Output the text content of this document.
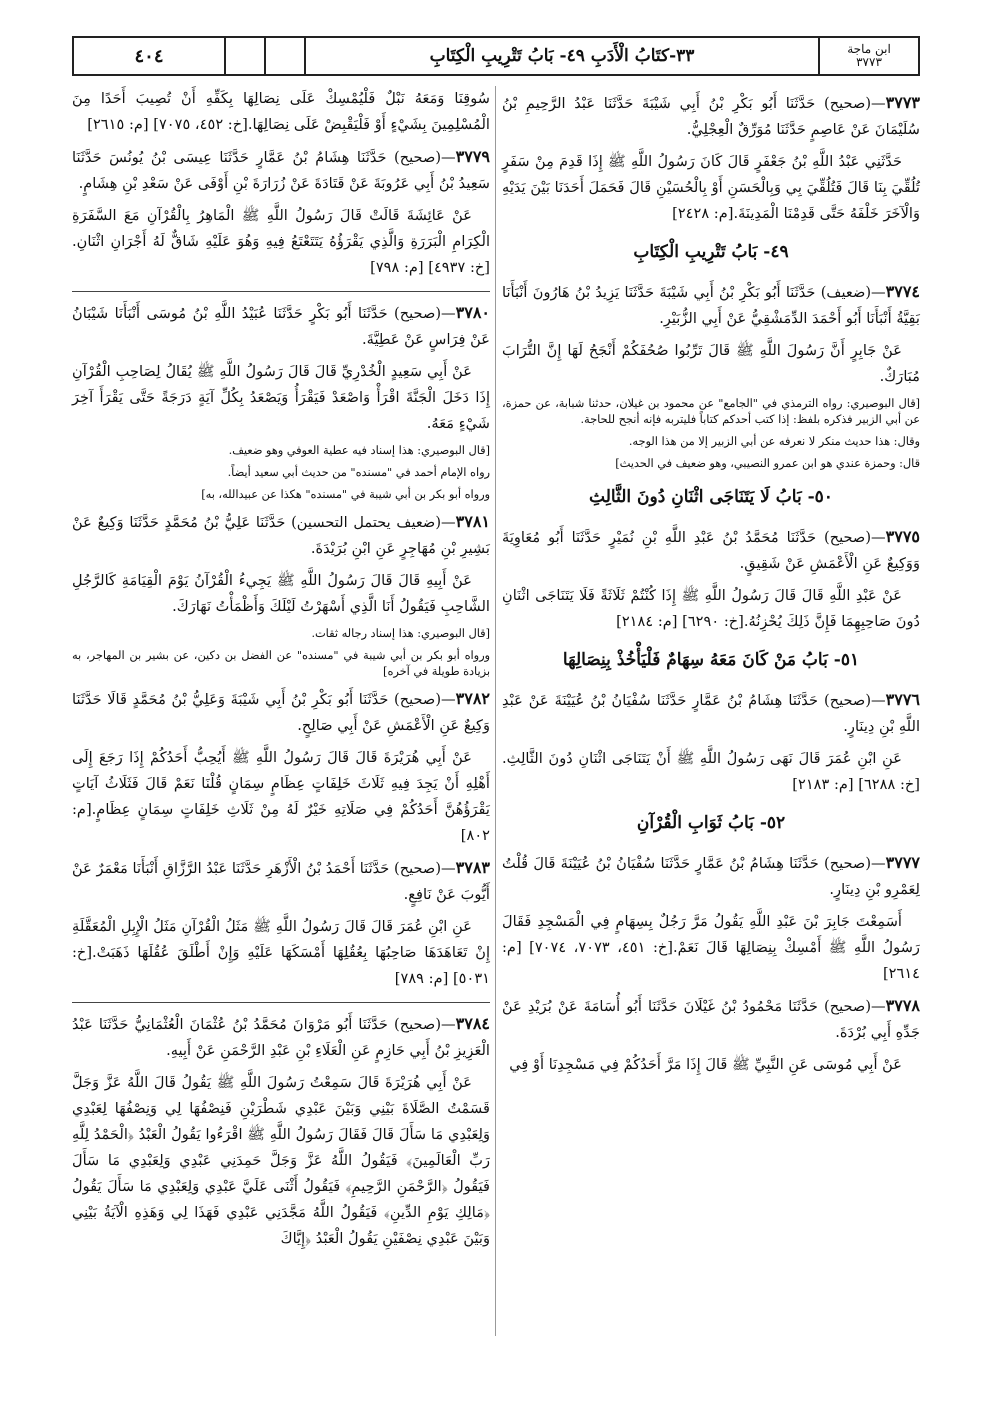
ابن ماجة
٣٧٧٣
٣٣-كتَابُ الْأَدَبِ ٤٩- بَابُ تَتْرِيبِ الْكِتَابِ
٤٠٤

٣٧٧٣—(صحيح) حَدَّثَنَا أَبُو بَكْرِ بْنُ أَبِي شَيْبَةَ حَدَّثَنَا عَبْدُ الرَّحِيمِ بْنُ سُلَيْمَانَ عَنْ عَاصِمٍ حَدَّثَنَا مُوَرِّقٌ الْعِجْلِيُّ.

حَدَّثَنِي عَبْدُ اللَّهِ بْنُ جَعْفَرٍ قَالَ كَانَ رَسُولُ اللَّهِ ﷺ إِذَا قَدِمَ مِنْ سَفَرٍ تُلُقِّيَ بِنَا قَالَ فَتُلُقِّيَ بِي وَبِالْحَسَنِ أَوْ بِالْحُسَيْنِ قَالَ فَحَمَلَ أَحَدَنَا بَيْنَ يَدَيْهِ وَالْآخَرَ خَلْفَهُ حَتَّى قَدِمْنَا الْمَدِينَةَ.[م: ٢٤٢٨]

٤٩- بَابُ تَتْرِيبِ الْكِتَابِ

٣٧٧٤—(ضعيف) حَدَّثَنَا أَبُو بَكْرِ بْنُ أَبِي شَيْبَةَ حَدَّثَنَا يَزِيدُ بْنُ هَارُونَ أَنْبَأَنَا بَقِيَّةُ أَنْبَأَنَا أَبُو أَحْمَدَ الدِّمَشْقِيُّ عَنْ أَبِي الزُّبَيْرِ.

عَنْ جَابِرٍ أَنَّ رَسُولَ اللَّهِ ﷺ قَالَ تَرِّبُوا صُحُفَكُمْ أَنْجَحُ لَهَا إِنَّ التُّرَابَ مُبَارَكٌ.

[قال البوصيري: رواه الترمذي في "الجامع" عن محمود بن غيلان، حدثنا شبابة، عن حمزة، عن أبي الزبير فذكره بلفظ: إذا كتب أحدكم كتاباً فليتربه فإنه أنجح للحاجة.

وقال: هذا حديث منكر لا نعرفه عن أبي الزبير إلا من هذا الوجه.

قال: وحمزة عندي هو ابن عمرو النصيبي، وهو ضعيف في الحديث]

٥٠- بَابُ لَا يَتَنَاجَى اثْنَانِ دُونَ الثَّالِثِ

٣٧٧٥—(صحيح) حَدَّثَنَا مُحَمَّدُ بْنُ عَبْدِ اللَّهِ بْنِ نُمَيْرٍ حَدَّثَنَا أَبُو مُعَاوِيَةَ وَوَكِيعٌ عَنِ الْأَعْمَشِ عَنْ شَقِيقٍ.

عَنْ عَبْدِ اللَّهِ قَالَ قَالَ رَسُولُ اللَّهِ ﷺ إِذَا كُنْتُمْ ثَلَاثَةً فَلَا يَتَنَاجَى اثْنَانِ دُونَ صَاحِبِهِمَا فَإِنَّ ذَلِكَ يُحْزِنُهُ.[خ: ٦٢٩٠] [م: ٢١٨٤]

٥١- بَابُ مَنْ كَانَ مَعَهُ سِهَامٌ فَلْيَأْخُذْ بِنِصَالِهَا

٣٧٧٦—(صحيح) حَدَّثَنَا هِشَامُ بْنُ عَمَّارٍ حَدَّثَنَا سُفْيَانُ بْنُ عُيَيْنَةَ عَنْ عَبْدِ اللَّهِ بْنِ دِينَارٍ.

عَنِ ابْنِ عُمَرَ قَالَ نَهَى رَسُولُ اللَّهِ ﷺ أَنْ يَتَنَاجَى اثْنَانِ دُونَ الثَّالِثِ.[خ: ٦٢٨٨] [م: ٢١٨٣]

٥٢- بَابُ ثَوَابِ الْقُرْآنِ

٣٧٧٧—(صحيح) حَدَّثَنَا هِشَامُ بْنُ عَمَّارٍ حَدَّثَنَا سُفْيَانُ بْنُ عُيَيْنَةَ قَالَ قُلْتُ لِعَمْرِو بْنِ دِينَارٍ.

أَسَمِعْتَ جَابِرَ بْنَ عَبْدِ اللَّهِ يَقُولُ مَرَّ رَجُلٌ بِسِهَامٍ فِي الْمَسْجِدِ فَقَالَ رَسُولُ اللَّهِ ﷺ أَمْسِكْ بِنِصَالِهَا قَالَ نَعَمْ.[خ: ٤٥١، ٧٠٧٣، ٧٠٧٤] [م: ٢٦١٤]

٣٧٧٨—(صحيح) حَدَّثَنَا مَحْمُودُ بْنُ غَيْلَانَ حَدَّثَنَا أَبُو أُسَامَةَ عَنْ بُرَيْدِ عَنْ جَدِّهِ أَبِي بُرْدَةَ.

عَنْ أَبِي مُوسَى عَنِ النَّبِيِّ ﷺ قَالَ إِذَا مَرَّ أَحَدُكُمْ فِي مَسْجِدِنَا أَوْ فِي

سُوقِنَا وَمَعَهُ نَبْلٌ فَلْيُمْسِكْ عَلَى نِصَالِهَا بِكَفِّهِ أَنْ تُصِيبَ أَحَدًا مِنَ الْمُسْلِمِينَ بِشَيْءٍ أَوْ فَلْيَقْبِضْ عَلَى نِصَالِهَا.[خ: ٤٥٢، ٧٠٧٥] [م: ٢٦١٥]

٣٧٧٩—(صحيح) حَدَّثَنَا هِشَامُ بْنُ عَمَّارٍ حَدَّثَنَا عِيسَى بْنُ يُونُسَ حَدَّثَنَا سَعِيدُ بْنُ أَبِي عَرُوبَةَ عَنْ قَتَادَةَ عَنْ زُرَارَةَ بْنِ أَوْفَى عَنْ سَعْدِ بْنِ هِشَامٍ.

عَنْ عَائِشَةَ قَالَتْ قَالَ رَسُولُ اللَّهِ ﷺ الْمَاهِرُ بِالْقُرْآنِ مَعَ السَّفَرَةِ الْكِرَامِ الْبَرَرَةِ وَالَّذِي يَقْرَؤُهُ يَتَتَعْتَعُ فِيهِ وَهُوَ عَلَيْهِ شَاقٌّ لَهُ أَجْرَانِ اثْنَانِ.[خ: ٤٩٣٧] [م: ٧٩٨]

٣٧٨٠—(صحيح) حَدَّثَنَا أَبُو بَكْرٍ حَدَّثَنَا عُبَيْدُ اللَّهِ بْنُ مُوسَى أَنْبَأَنَا شَيْبَانُ عَنْ فِرَاسٍ عَنْ عَطِيَّةَ.

عَنْ أَبِي سَعِيدٍ الْخُدْرِيِّ قَالَ قَالَ رَسُولُ اللَّهِ ﷺ يُقَالُ لِصَاحِبِ الْقُرْآنِ إِذَا دَخَلَ الْجَنَّةَ اقْرَأْ وَاصْعَدْ فَيَقْرَأُ وَيَصْعَدُ بِكُلِّ آيَةٍ دَرَجَةً حَتَّى يَقْرَأَ آخِرَ شَيْءٍ مَعَهُ.

[قال البوصيري: هذا إسناد فيه عطية العوفي وهو ضعيف.

رواه الإمام أحمد في "مسنده" من حديث أبي سعيد أيضاً.

ورواه أبو بكر بن أبي شيبة في "مسنده" هكذا عن عبيدالله، به]

٣٧٨١—(ضعيف يحتمل التحسين) حَدَّثَنَا عَلِيُّ بْنُ مُحَمَّدٍ حَدَّثَنَا وَكِيعٌ عَنْ بَشِيرِ بْنِ مُهَاجِرٍ عَنِ ابْنِ بُرَيْدَةَ.

عَنْ أَبِيهِ قَالَ قَالَ رَسُولُ اللَّهِ ﷺ يَجِيءُ الْقُرْآنُ يَوْمَ الْقِيَامَةِ كَالرَّجُلِ الشَّاحِبِ فَيَقُولُ أَنَا الَّذِي أَسْهَرْتُ لَيْلَكَ وَأَظْمَأْتُ نَهَارَكَ.

[قال البوصيري: هذا إسناد رجاله ثقات.

ورواه أبو بكر بن أبي شيبة في "مسنده" عن الفضل بن دكين، عن بشير بن المهاجر، به بزيادة طويلة في آخره]

٣٧٨٢—(صحيح) حَدَّثَنَا أَبُو بَكْرِ بْنُ أَبِي شَيْبَةَ وَعَلِيُّ بْنُ مُحَمَّدٍ قَالَا حَدَّثَنَا وَكِيعٌ عَنِ الْأَعْمَشِ عَنْ أَبِي صَالِحٍ.

عَنْ أَبِي هُرَيْرَةَ قَالَ قَالَ رَسُولُ اللَّهِ ﷺ أَيُحِبُّ أَحَدُكُمْ إِذَا رَجَعَ إِلَى أَهْلِهِ أَنْ يَجِدَ فِيهِ ثَلَاثَ خَلِفَاتٍ عِظَامٍ سِمَانٍ قُلْنَا نَعَمْ قَالَ فَثَلَاثُ آيَاتٍ يَقْرَؤُهُنَّ أَحَدُكُمْ فِي صَلَاتِهِ خَيْرٌ لَهُ مِنْ ثَلَاثِ خَلِفَاتٍ سِمَانٍ عِظَامٍ.[م: ٨٠٢]

٣٧٨٣—(صحيح) حَدَّثَنَا أَحْمَدُ بْنُ الْأَزْهَرِ حَدَّثَنَا عَبْدُ الرَّزَّاقِ أَنْبَأَنَا مَعْمَرٌ عَنْ أَيُّوبَ عَنْ نَافِعٍ.

عَنِ ابْنِ عُمَرَ قَالَ قَالَ رَسُولُ اللَّهِ ﷺ مَثَلُ الْقُرْآنِ مَثَلُ الْإِبِلِ الْمُعَقَّلَةِ إِنْ تَعَاهَدَهَا صَاحِبُهَا بِعُقُلِهَا أَمْسَكَهَا عَلَيْهِ وَإِنْ أَطْلَقَ عُقُلَهَا ذَهَبَتْ.[خ: ٥٠٣١] [م: ٧٨٩]

٣٧٨٤—(صحيح) حَدَّثَنَا أَبُو مَرْوَانَ مُحَمَّدُ بْنُ عُثْمَانَ الْعُثْمَانِيُّ حَدَّثَنَا عَبْدُ الْعَزِيزِ بْنُ أَبِي حَازِمٍ عَنِ الْعَلَاءِ بْنِ عَبْدِ الرَّحْمَنِ عَنْ أَبِيهِ.

عَنْ أَبِي هُرَيْرَةَ قَالَ سَمِعْتُ رَسُولَ اللَّهِ ﷺ يَقُولُ قَالَ اللَّهُ عَزَّ وَجَلَّ قَسَمْتُ الصَّلَاةَ بَيْنِي وَبَيْنَ عَبْدِي شَطْرَيْنِ فَنِصْفُهَا لِي وَنِصْفُهَا لِعَبْدِي وَلِعَبْدِي مَا سَأَلَ قَالَ فَقَالَ رَسُولُ اللَّهِ ﷺ اقْرَءُوا يَقُولُ الْعَبْدُ ﴿الْحَمْدُ لِلَّهِ رَبِّ الْعَالَمِينَ﴾ فَيَقُولُ اللَّهُ عَزَّ وَجَلَّ حَمِدَنِي عَبْدِي وَلِعَبْدِي مَا سَأَلَ فَيَقُولُ ﴿الرَّحْمَنِ الرَّحِيمِ﴾ فَيَقُولُ أَثْنَى عَلَيَّ عَبْدِي وَلِعَبْدِي مَا سَأَلَ يَقُولُ ﴿مَالِكِ يَوْمِ الدِّينِ﴾ فَيَقُولُ اللَّهُ مَجَّدَنِي عَبْدِي فَهَذَا لِي وَهَذِهِ الْآيَةُ بَيْنِي وَبَيْنَ عَبْدِي نِصْفَيْنِ يَقُولُ الْعَبْدُ ﴿إِيَّاكَ
